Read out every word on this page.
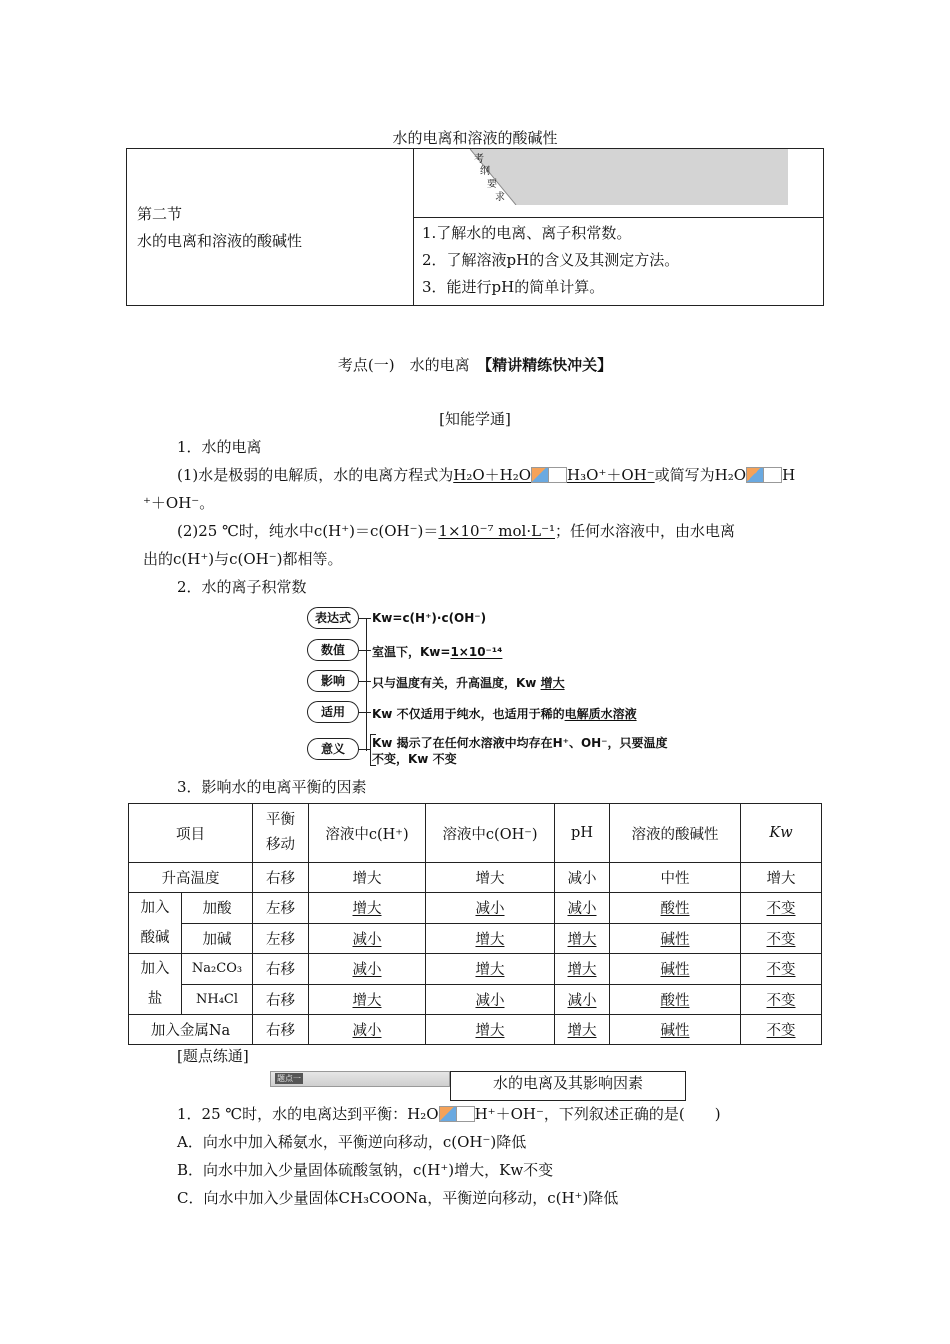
水的电离和溶液的酸碱性
第二节
水的电离和溶液的酸碱性

考
纲
要
求

1.了解水的电离、离子积常数。
2．了解溶液pH的含义及其测定方法。
3．能进行pH的简单计算。
考点(一)　水的电离　【精讲精练快冲关】
[知能学通]
1．水的电离
(1)水是极弱的电解质，水的电离方程式为H₂O＋H₂O H₃O⁺＋OH⁻或简写为H₂O H
⁺＋OH⁻。
(2)25 ℃时，纯水中c(H⁺)＝c(OH⁻)＝1×10⁻⁷ mol·L⁻¹；任何水溶液中，由水电离
出的c(H⁺)与c(OH⁻)都相等。
2．水的离子积常数
表达式	Kw=c(H⁺)·c(OH⁻)
数值	室温下，Kw=1×10⁻¹⁴
影响	只与温度有关，升高温度，Kw 增大
适用	Kw 不仅适用于纯水，也适用于稀的电解质水溶液
意义	Kw 揭示了在任何水溶液中均存在H⁺、OH⁻，只要温度
不变，Kw 不变
3．影响水的电离平衡的因素
项目		平衡移动	溶液中c(H⁺)	溶液中c(OH⁻)	pH	溶液的酸碱性	Kw
升高温度		右移	增大	增大	减小	中性	增大

加入酸碱	加酸	左移	增大	减小	减小	酸性	不变
	加碱	左移	减小	增大	增大	碱性	不变

加入盐	Na₂CO₃	右移	减小	增大	增大	碱性	不变
	NH₄Cl	右移	增大	减小	减小	酸性	不变
加入金属Na		右移	减小	增大	增大	碱性	不变
[题点练通]
题点一	水的电离及其影响因素
1．25 ℃时，水的电离达到平衡：H₂O H⁺＋OH⁻，下列叙述正确的是(　　)
A．向水中加入稀氨水，平衡逆向移动，c(OH⁻)降低
B．向水中加入少量固体硫酸氢钠，c(H⁺)增大，Kw不变
C．向水中加入少量固体CH₃COONa，平衡逆向移动，c(H⁺)降低
